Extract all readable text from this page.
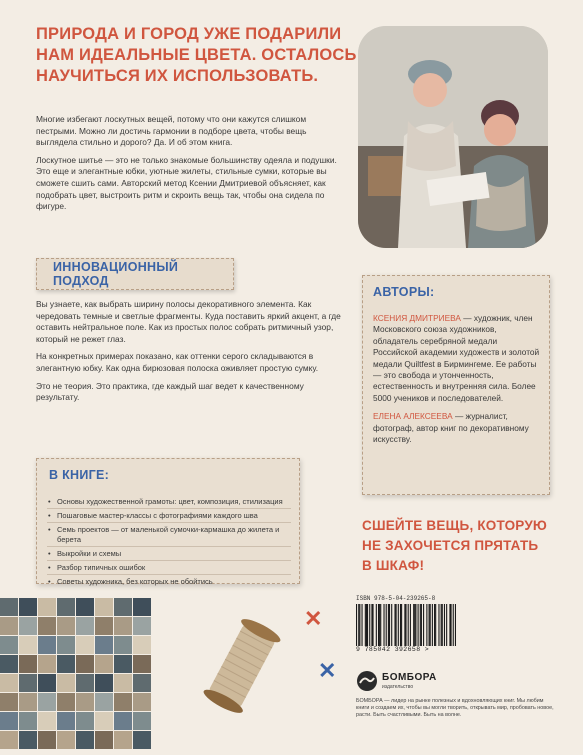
ПРИРОДА И ГОРОД УЖЕ ПОДАРИЛИ
НАМ ИДЕАЛЬНЫЕ ЦВЕТА. ОСТАЛОСЬ
НАУЧИТЬСЯ ИХ ИСПОЛЬЗОВАТЬ.

Многие избегают лоскутных вещей, потому что они кажутся слишком пестрыми. Можно ли достичь гармонии в подборе цвета, чтобы вещь выглядела стильно и дорого? Да. И об этом книга.

Лоскутное шитье — это не только знакомые большинству одеяла и подушки. Это еще и элегантные юбки, уютные жилеты, стильные сумки, которые вы сможете сшить сами. Авторский метод Ксении Дмитриевой объясняет, как подобрать цвет, выстроить ритм и скроить вещь так, чтобы она сидела по фигуре.

ИННОВАЦИОННЫЙ ПОДХОД

Вы узнаете, как выбрать ширину полосы декоративного элемента. Как чередовать темные и светлые фрагменты. Куда поставить яркий акцент, а где оставить нейтральное поле. Как из простых полос собрать ритмичный узор, который не режет глаз.

На конкретных примерах показано, как оттенки серого складываются в элегантную юбку. Как одна бирюзовая полоска оживляет простую сумку.

Это не теория. Это практика, где каждый шаг ведет к качественному результату.

В КНИГЕ:
• Основы художественной грамоты: цвет, композиция, стилизация
• Пошаговые мастер-классы с фотографиями каждого шва
• Семь проектов — от маленькой сумочки-кармашка до жилета и берета
• Выкройки и схемы
• Разбор типичных ошибок
• Советы художника, без которых не обойтись
АВТОРЫ:

КСЕНИЯ ДМИТРИЕВА — художник, член Московского союза художников, обладатель серебряной медали Российской академии художеств и золотой медали Quiltfest в Бирмингеме. Ее работы — это свобода и утонченность, естественность и внутренняя сила. Более 5000 учеников и последователей.

ЕЛЕНА АЛЕКСЕЕВА — журналист, фотограф, автор книг по декоративному искусству.

СШЕЙТЕ ВЕЩЬ, КОТОРУЮ
НЕ ЗАХОЧЕТСЯ ПРЯТАТЬ
В ШКАФ!
✕
✕
ISBN 978-5-04-239265-8
9 785042 392658 >
БОМБОРА
издательство
БОМБОРА — лидер на рынке полезных и вдохновляющих книг. Мы любим книги и создаем их, чтобы вы могли творить, открывать мир, пробовать новое, расти. Быть счастливыми. Быть на волне.
